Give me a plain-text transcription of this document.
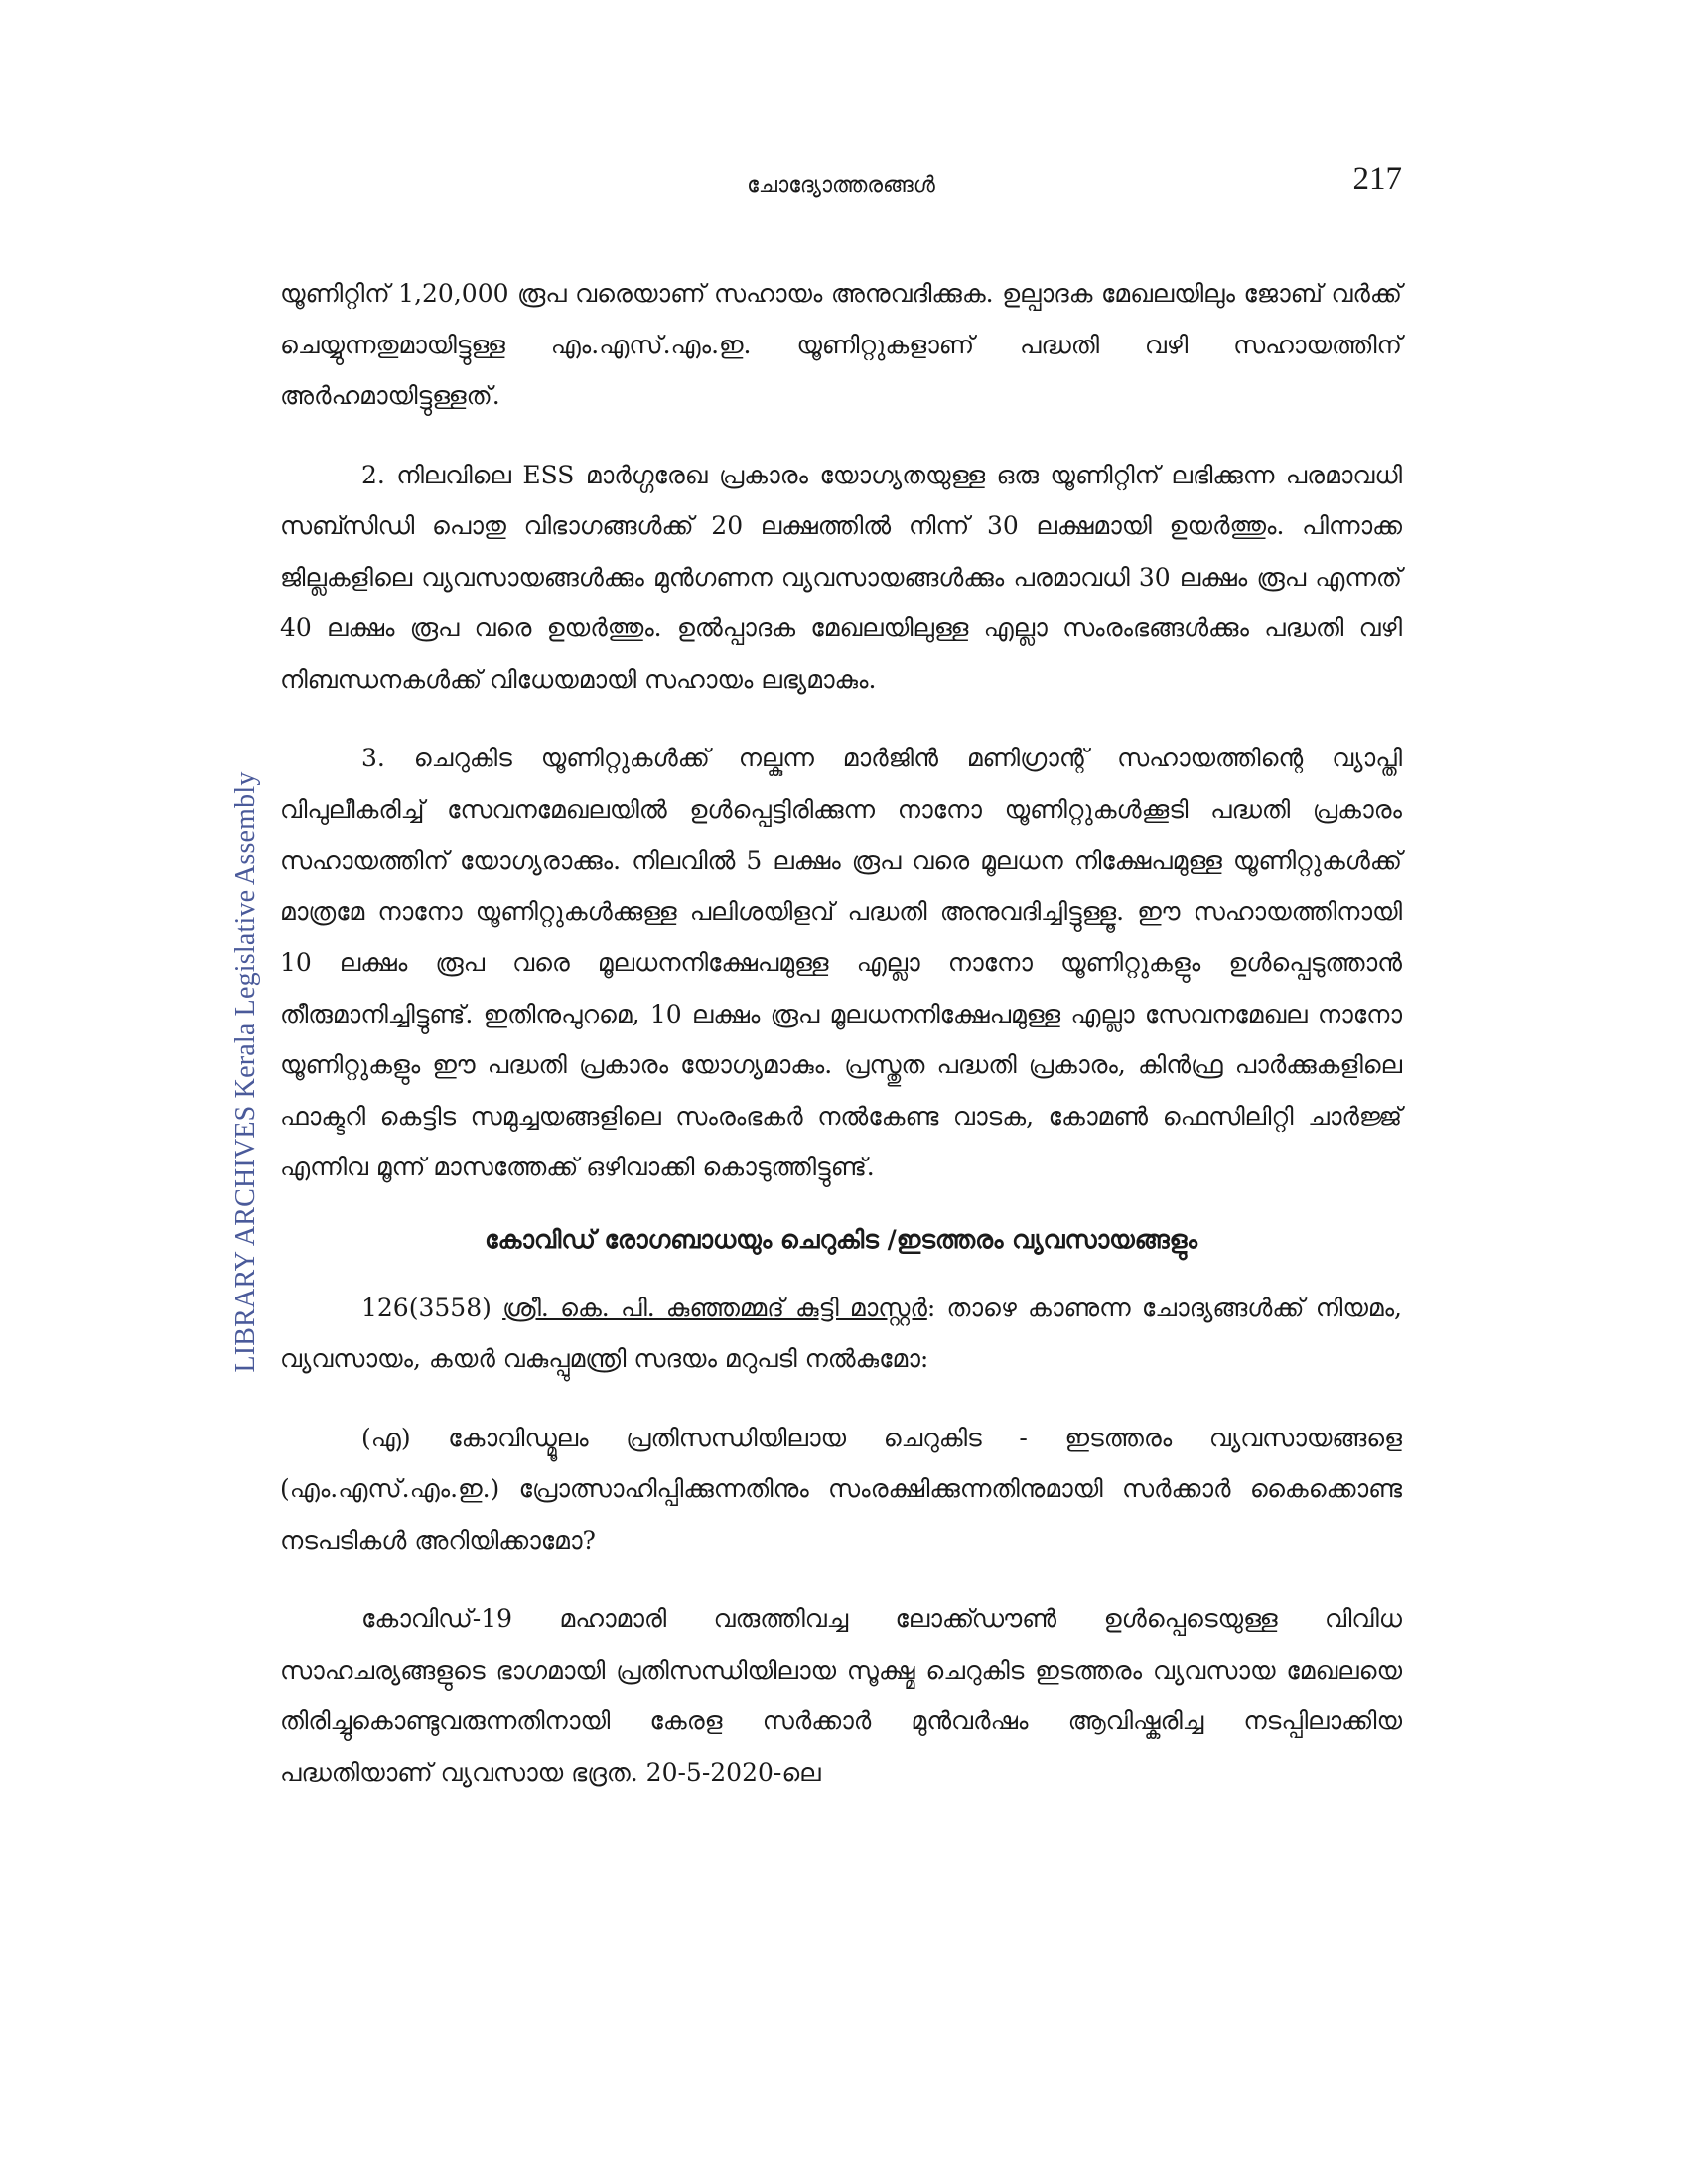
ചോദ്യോത്തരങ്ങൾ	217
LIBRARY ARCHIVES Kerala Legislative Assembly

യൂണിറ്റിന് 1,20,000 രൂപ വരെയാണ് സഹായം അനുവദിക്കുക. ഉല്പാദക മേഖലയിലും ജോബ് വർക്ക് ചെയ്യുന്നതുമായിട്ടുള്ള എം.എസ്.എം.ഇ. യൂണിറ്റുകളാണ് പദ്ധതി വഴി സഹായത്തിന് അർഹമായിട്ടുള്ളത്.

2. നിലവിലെ ESS മാർഗ്ഗരേഖ പ്രകാരം യോഗ്യതയുള്ള ഒരു യൂണിറ്റിന് ലഭിക്കുന്ന പരമാവധി സബ്സിഡി പൊതു വിഭാഗങ്ങൾക്ക് 20 ലക്ഷത്തിൽ നിന്ന് 30 ലക്ഷമായി ഉയർത്തും. പിന്നാക്ക ജില്ലകളിലെ വ്യവസായങ്ങൾക്കും മുൻഗണന വ്യവസായങ്ങൾക്കും പരമാവധി 30 ലക്ഷം രൂപ എന്നത് 40 ലക്ഷം രൂപ വരെ ഉയർത്തും. ഉൽപ്പാദക മേഖലയിലുള്ള എല്ലാ സംരംഭങ്ങൾക്കും പദ്ധതി വഴി നിബന്ധനകൾക്ക് വിധേയമായി സഹായം ലഭ്യമാകും.

3. ചെറുകിട യൂണിറ്റുകൾക്ക് നല്കുന്ന മാർജിൻ മണിഗ്രാന്റ് സഹായത്തിന്റെ വ്യാപ്തി വിപുലീകരിച്ച് സേവനമേഖലയിൽ ഉൾപ്പെട്ടിരിക്കുന്ന നാനോ യൂണിറ്റുകൾക്കൂടി പദ്ധതി പ്രകാരം സഹായത്തിന് യോഗ്യരാക്കും. നിലവിൽ 5 ലക്ഷം രൂപ വരെ മൂലധന നിക്ഷേപമുള്ള യൂണിറ്റുകൾക്ക് മാത്രമേ നാനോ യൂണിറ്റുകൾക്കുള്ള പലിശയിളവ് പദ്ധതി അനുവദിച്ചിട്ടുള്ളൂ. ഈ സഹായത്തിനായി 10 ലക്ഷം രൂപ വരെ മൂലധനനിക്ഷേപമുള്ള എല്ലാ നാനോ യൂണിറ്റുകളും ഉൾപ്പെടുത്താൻ തീരുമാനിച്ചിട്ടുണ്ട്. ഇതിനുപുറമെ, 10 ലക്ഷം രൂപ മൂലധനനിക്ഷേപമുള്ള എല്ലാ സേവനമേഖല നാനോ യൂണിറ്റുകളും ഈ പദ്ധതി പ്രകാരം യോഗ്യമാകും. പ്രസ്തുത പദ്ധതി പ്രകാരം, കിൻഫ്ര പാർക്കുകളിലെ ഫാക്ടറി കെട്ടിട സമുച്ചയങ്ങളിലെ സംരംഭകർ നൽകേണ്ട വാടക, കോമൺ ഫെസിലിറ്റി ചാർജ്ജ് എന്നിവ മൂന്ന് മാസത്തേക്ക് ഒഴിവാക്കി കൊടുത്തിട്ടുണ്ട്.

കോവിഡ് രോഗബാധയും ചെറുകിട /ഇടത്തരം വ്യവസായങ്ങളും

126(3558) ശ്രീ. കെ. പി. കുഞ്ഞമ്മദ് കുട്ടി മാസ്റ്റർ: താഴെ കാണുന്ന ചോദ്യങ്ങൾക്ക് നിയമം, വ്യവസായം, കയർ വകുപ്പുമന്ത്രി സദയം മറുപടി നൽകുമോ:

(എ) കോവിഡ്മൂലം പ്രതിസന്ധിയിലായ ചെറുകിട - ഇടത്തരം വ്യവസായങ്ങളെ (എം.എസ്.എം.ഇ.) പ്രോത്സാഹിപ്പിക്കുന്നതിനും സംരക്ഷിക്കുന്നതിനുമായി സർക്കാർ കൈക്കൊണ്ട നടപടികൾ അറിയിക്കാമോ?

കോവിഡ്-19 മഹാമാരി വരുത്തിവച്ച ലോക്ക്ഡൗൺ ഉൾപ്പെടെയുള്ള വിവിധ സാഹചര്യങ്ങളുടെ ഭാഗമായി പ്രതിസന്ധിയിലായ സൂക്ഷ്മ ചെറുകിട ഇടത്തരം വ്യവസായ മേഖലയെ തിരിച്ചുകൊണ്ടുവരുന്നതിനായി കേരള സർക്കാർ മുൻവർഷം ആവിഷ്കരിച്ച നടപ്പിലാക്കിയ പദ്ധതിയാണ് വ്യവസായ ഭദ്രത. 20-5-2020-ലെ
